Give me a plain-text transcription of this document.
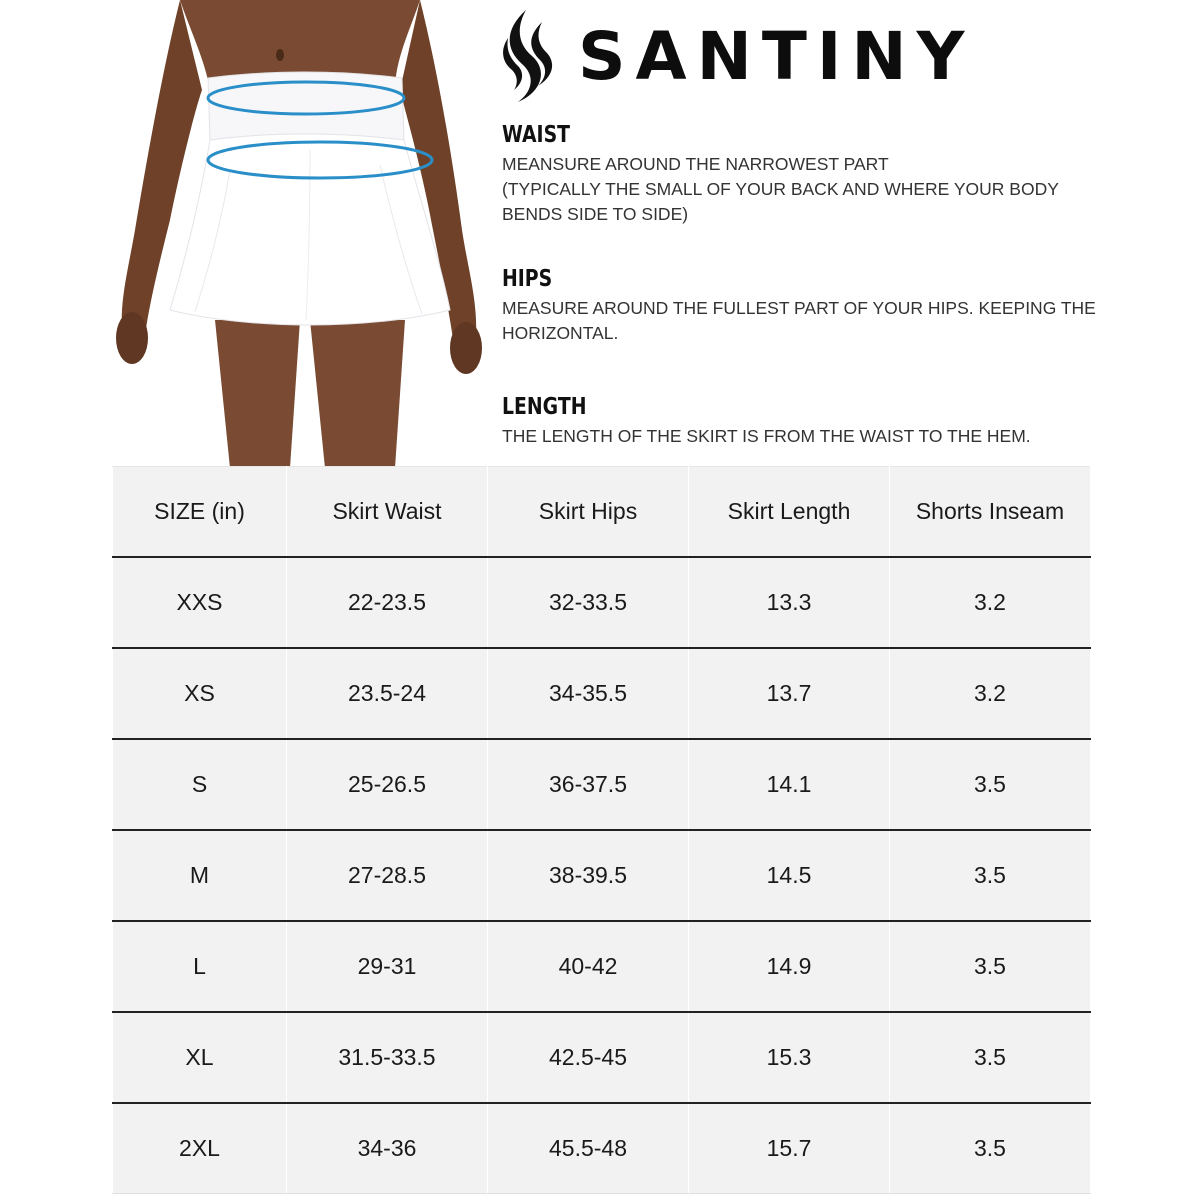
SANTINY
WAIST

MEANSURE AROUND THE NARROWEST PART
(TYPICALLY THE SMALL OF YOUR BACK AND WHERE YOUR BODY
BENDS SIDE TO SIDE)

HIPS

MEASURE AROUND THE FULLEST PART OF YOUR HIPS. KEEPING THE
HORIZONTAL.

LENGTH

THE LENGTH OF THE SKIRT IS FROM THE WAIST TO THE HEM.

SIZE (in)	Skirt Waist	Skirt Hips	Skirt Length	Shorts Inseam
XXS	22-23.5	32-33.5	13.3	3.2
XS	23.5-24	34-35.5	13.7	3.2
S	25-26.5	36-37.5	14.1	3.5
M	27-28.5	38-39.5	14.5	3.5
L	29-31	40-42	14.9	3.5
XL	31.5-33.5	42.5-45	15.3	3.5
2XL	34-36	45.5-48	15.7	3.5
